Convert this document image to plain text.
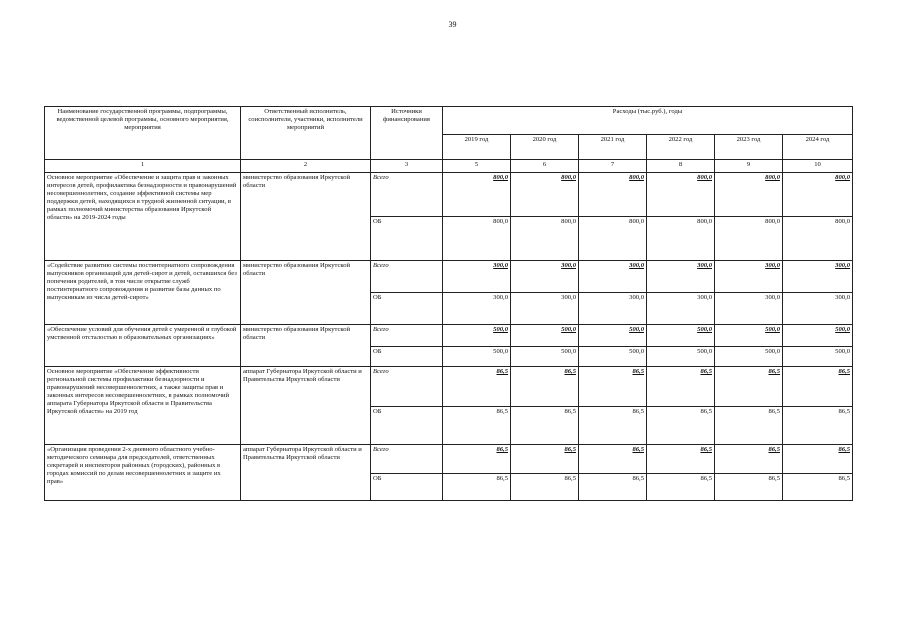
39
Наименование государственной программы, подпрограммы, ведомственной целевой программы, основного мероприятия, мероприятия	Ответственный исполнитель, соисполнители, участники, исполнители мероприятий	Источники финансирования	Расходы (тыс.руб.), годы					
			2019 год	2020 год	2021 год	2022 год	2023 год	2024 год
1	2	3	5	6	7	8	9	10
Основное мероприятие «Обеспечение и защита прав и законных интересов детей, профилактика безнадзорности и правонарушений несовершеннолетних, создание эффективной системы мер поддержки детей, находящихся в трудной жизненной ситуации, в рамках полномочий министерства образования Иркутской области» на 2019-2024 годы	министерство образования Иркутской области	Всего	800,0	800,0	800,0	800,0	800,0	800,0
		ОБ	800,0	800,0	800,0	800,0	800,0	800,0
«Содействие развитию системы постинтернатного сопровождения выпускников организаций для детей-сирот и детей, оставшихся без попечения родителей, в том числе открытие служб постинтернатного сопровождения и развитие базы данных по выпускникам из числа детей-сирот»	министерство образования Иркутской области	Всего	300,0	300,0	300,0	300,0	300,0	300,0
		ОБ	300,0	300,0	300,0	300,0	300,0	300,0
«Обеспечение условий для обучения детей с умеренной и глубокой умственной отсталостью в образовательных организациях»	министерство образования Иркутской области	Всего	500,0	500,0	500,0	500,0	500,0	500,0
		ОБ	500,0	500,0	500,0	500,0	500,0	500,0
Основное мероприятие «Обеспечение эффективности региональной системы профилактики безнадзорности и правонарушений несовершеннолетних, а также защиты прав и законных интересов несовершеннолетних, в рамках полномочий аппарата Губернатора Иркутской области и Правительства Иркутской области» на 2019 год	аппарат Губернатора Иркутской области и Правительства Иркутской области	Всего	86,5	86,5	86,5	86,5	86,5	86,5
		ОБ	86,5	86,5	86,5	86,5	86,5	86,5
«Организация проведения 2-х дневного областного учебно-методического семинара для председателей, ответственных секретарей и инспекторов районных (городских), районных в городах комиссий по делам несовершеннолетних и защите их прав»	аппарат Губернатора Иркутской области и Правительства Иркутской области	Всего	86,5	86,5	86,5	86,5	86,5	86,5
		ОБ	86,5	86,5	86,5	86,5	86,5	86,5
